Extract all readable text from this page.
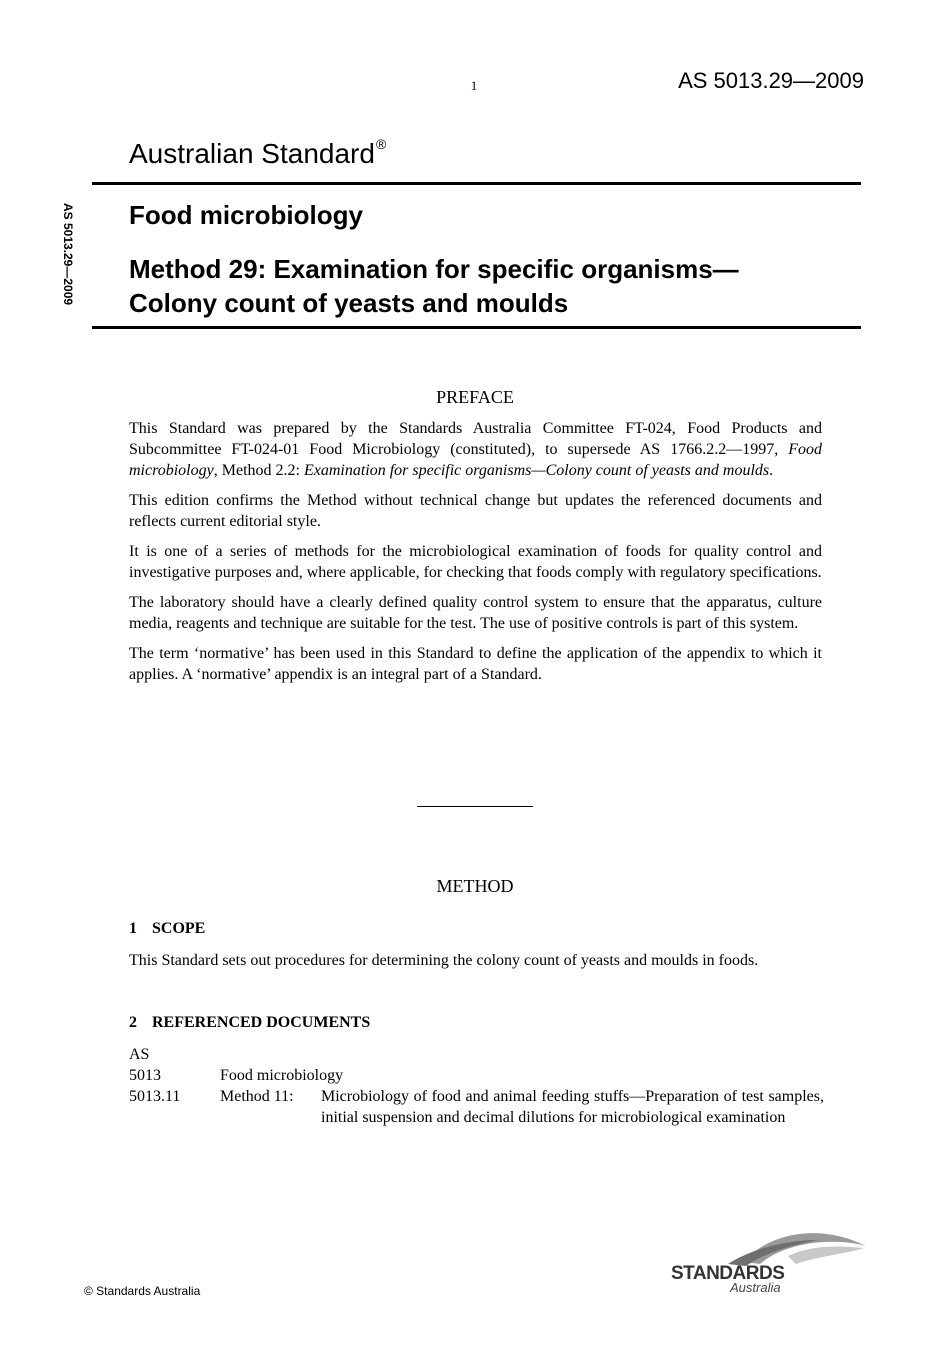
1	AS 5013.29—2009
Australian Standard®
AS 5013.29—2009 Food microbiology
Method 29: Examination for specific organisms—
Colony count of yeasts and moulds
PREFACE

This Standard was prepared by the Standards Australia Committee FT-024, Food Products and Subcommittee FT-024-01 Food Microbiology (constituted), to supersede AS 1766.2.2—1997, Food microbiology, Method 2.2: Examination for specific organisms—Colony count of yeasts and moulds.

This edition confirms the Method without technical change but updates the referenced documents and reflects current editorial style.

It is one of a series of methods for the microbiological examination of foods for quality control and investigative purposes and, where applicable, for checking that foods comply with regulatory specifications.

The laboratory should have a clearly defined quality control system to ensure that the apparatus, culture media, reagents and technique are suitable for the test. The use of positive controls is part of this system.

The term ‘normative’ has been used in this Standard to define the application of the appendix to which it applies. A ‘normative’ appendix is an integral part of a Standard.

METHOD
1 SCOPE

This Standard sets out procedures for determining the colony count of yeasts and moulds in foods.

2 REFERENCED DOCUMENTS
AS
5013	Food microbiology
5013.11	Method 11:	Microbiology of food and animal feeding stuffs—Preparation of test samples, initial suspension and decimal dilutions for microbiological examination
© Standards Australia
STANDARDS
Australia
